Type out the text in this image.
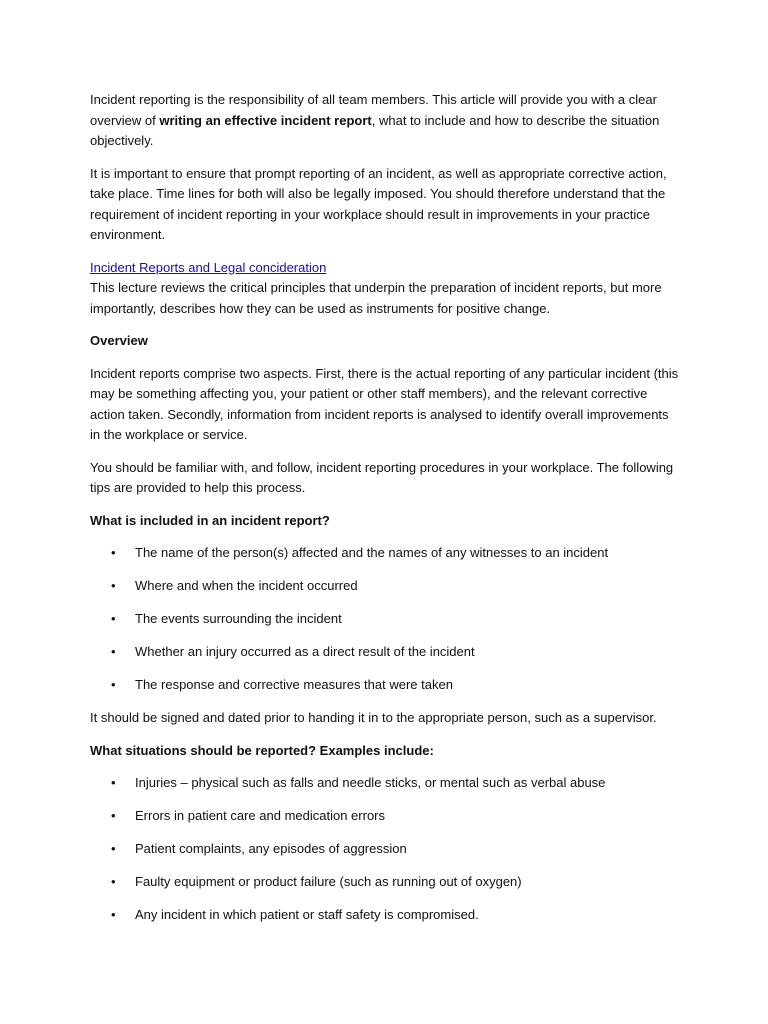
Incident reporting is the responsibility of all team members. This article will provide you with a clear overview of writing an effective incident report, what to include and how to describe the situation objectively.

It is important to ensure that prompt reporting of an incident, as well as appropriate corrective action, take place. Time lines for both will also be legally imposed. You should therefore understand that the requirement of incident reporting in your workplace should result in improvements in your practice environment.

Incident Reports and Legal concideration
This lecture reviews the critical principles that underpin the preparation of incident reports, but more importantly, describes how they can be used as instruments for positive change.

Overview

Incident reports comprise two aspects. First, there is the actual reporting of any particular incident (this may be something affecting you, your patient or other staff members), and the relevant corrective action taken. Secondly, information from incident reports is analysed to identify overall improvements in the workplace or service.

You should be familiar with, and follow, incident reporting procedures in your workplace. The following tips are provided to help this process.

What is included in an incident report?

• The name of the person(s) affected and the names of any witnesses to an incident
• Where and when the incident occurred
• The events surrounding the incident
• Whether an injury occurred as a direct result of the incident
• The response and corrective measures that were taken

It should be signed and dated prior to handing it in to the appropriate person, such as a supervisor.

What situations should be reported? Examples include:

• Injuries – physical such as falls and needle sticks, or mental such as verbal abuse
• Errors in patient care and medication errors
• Patient complaints, any episodes of aggression
• Faulty equipment or product failure (such as running out of oxygen)
• Any incident in which patient or staff safety is compromised.
